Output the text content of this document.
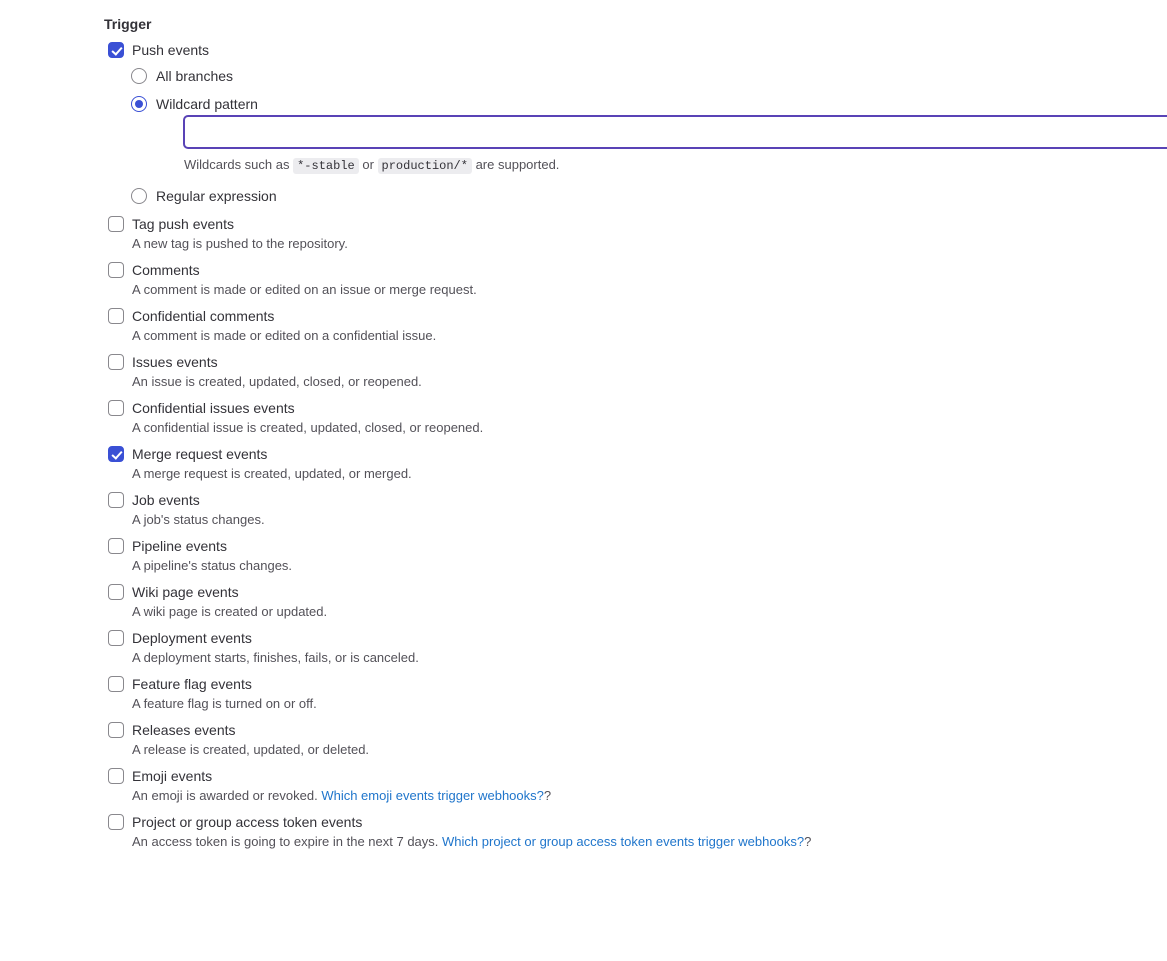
Trigger
Push events
All branches
Wildcard pattern
Wildcards such as *-stable or production/* are supported.
Regular expression
Tag push events
A new tag is pushed to the repository.
Comments
A comment is made or edited on an issue or merge request.
Confidential comments
A comment is made or edited on a confidential issue.
Issues events
An issue is created, updated, closed, or reopened.
Confidential issues events
A confidential issue is created, updated, closed, or reopened.
Merge request events
A merge request is created, updated, or merged.
Job events
A job's status changes.
Pipeline events
A pipeline's status changes.
Wiki page events
A wiki page is created or updated.
Deployment events
A deployment starts, finishes, fails, or is canceled.
Feature flag events
A feature flag is turned on or off.
Releases events
A release is created, updated, or deleted.
Emoji events
An emoji is awarded or revoked. Which emoji events trigger webhooks??
Project or group access token events
An access token is going to expire in the next 7 days. Which project or group access token events trigger webhooks??
